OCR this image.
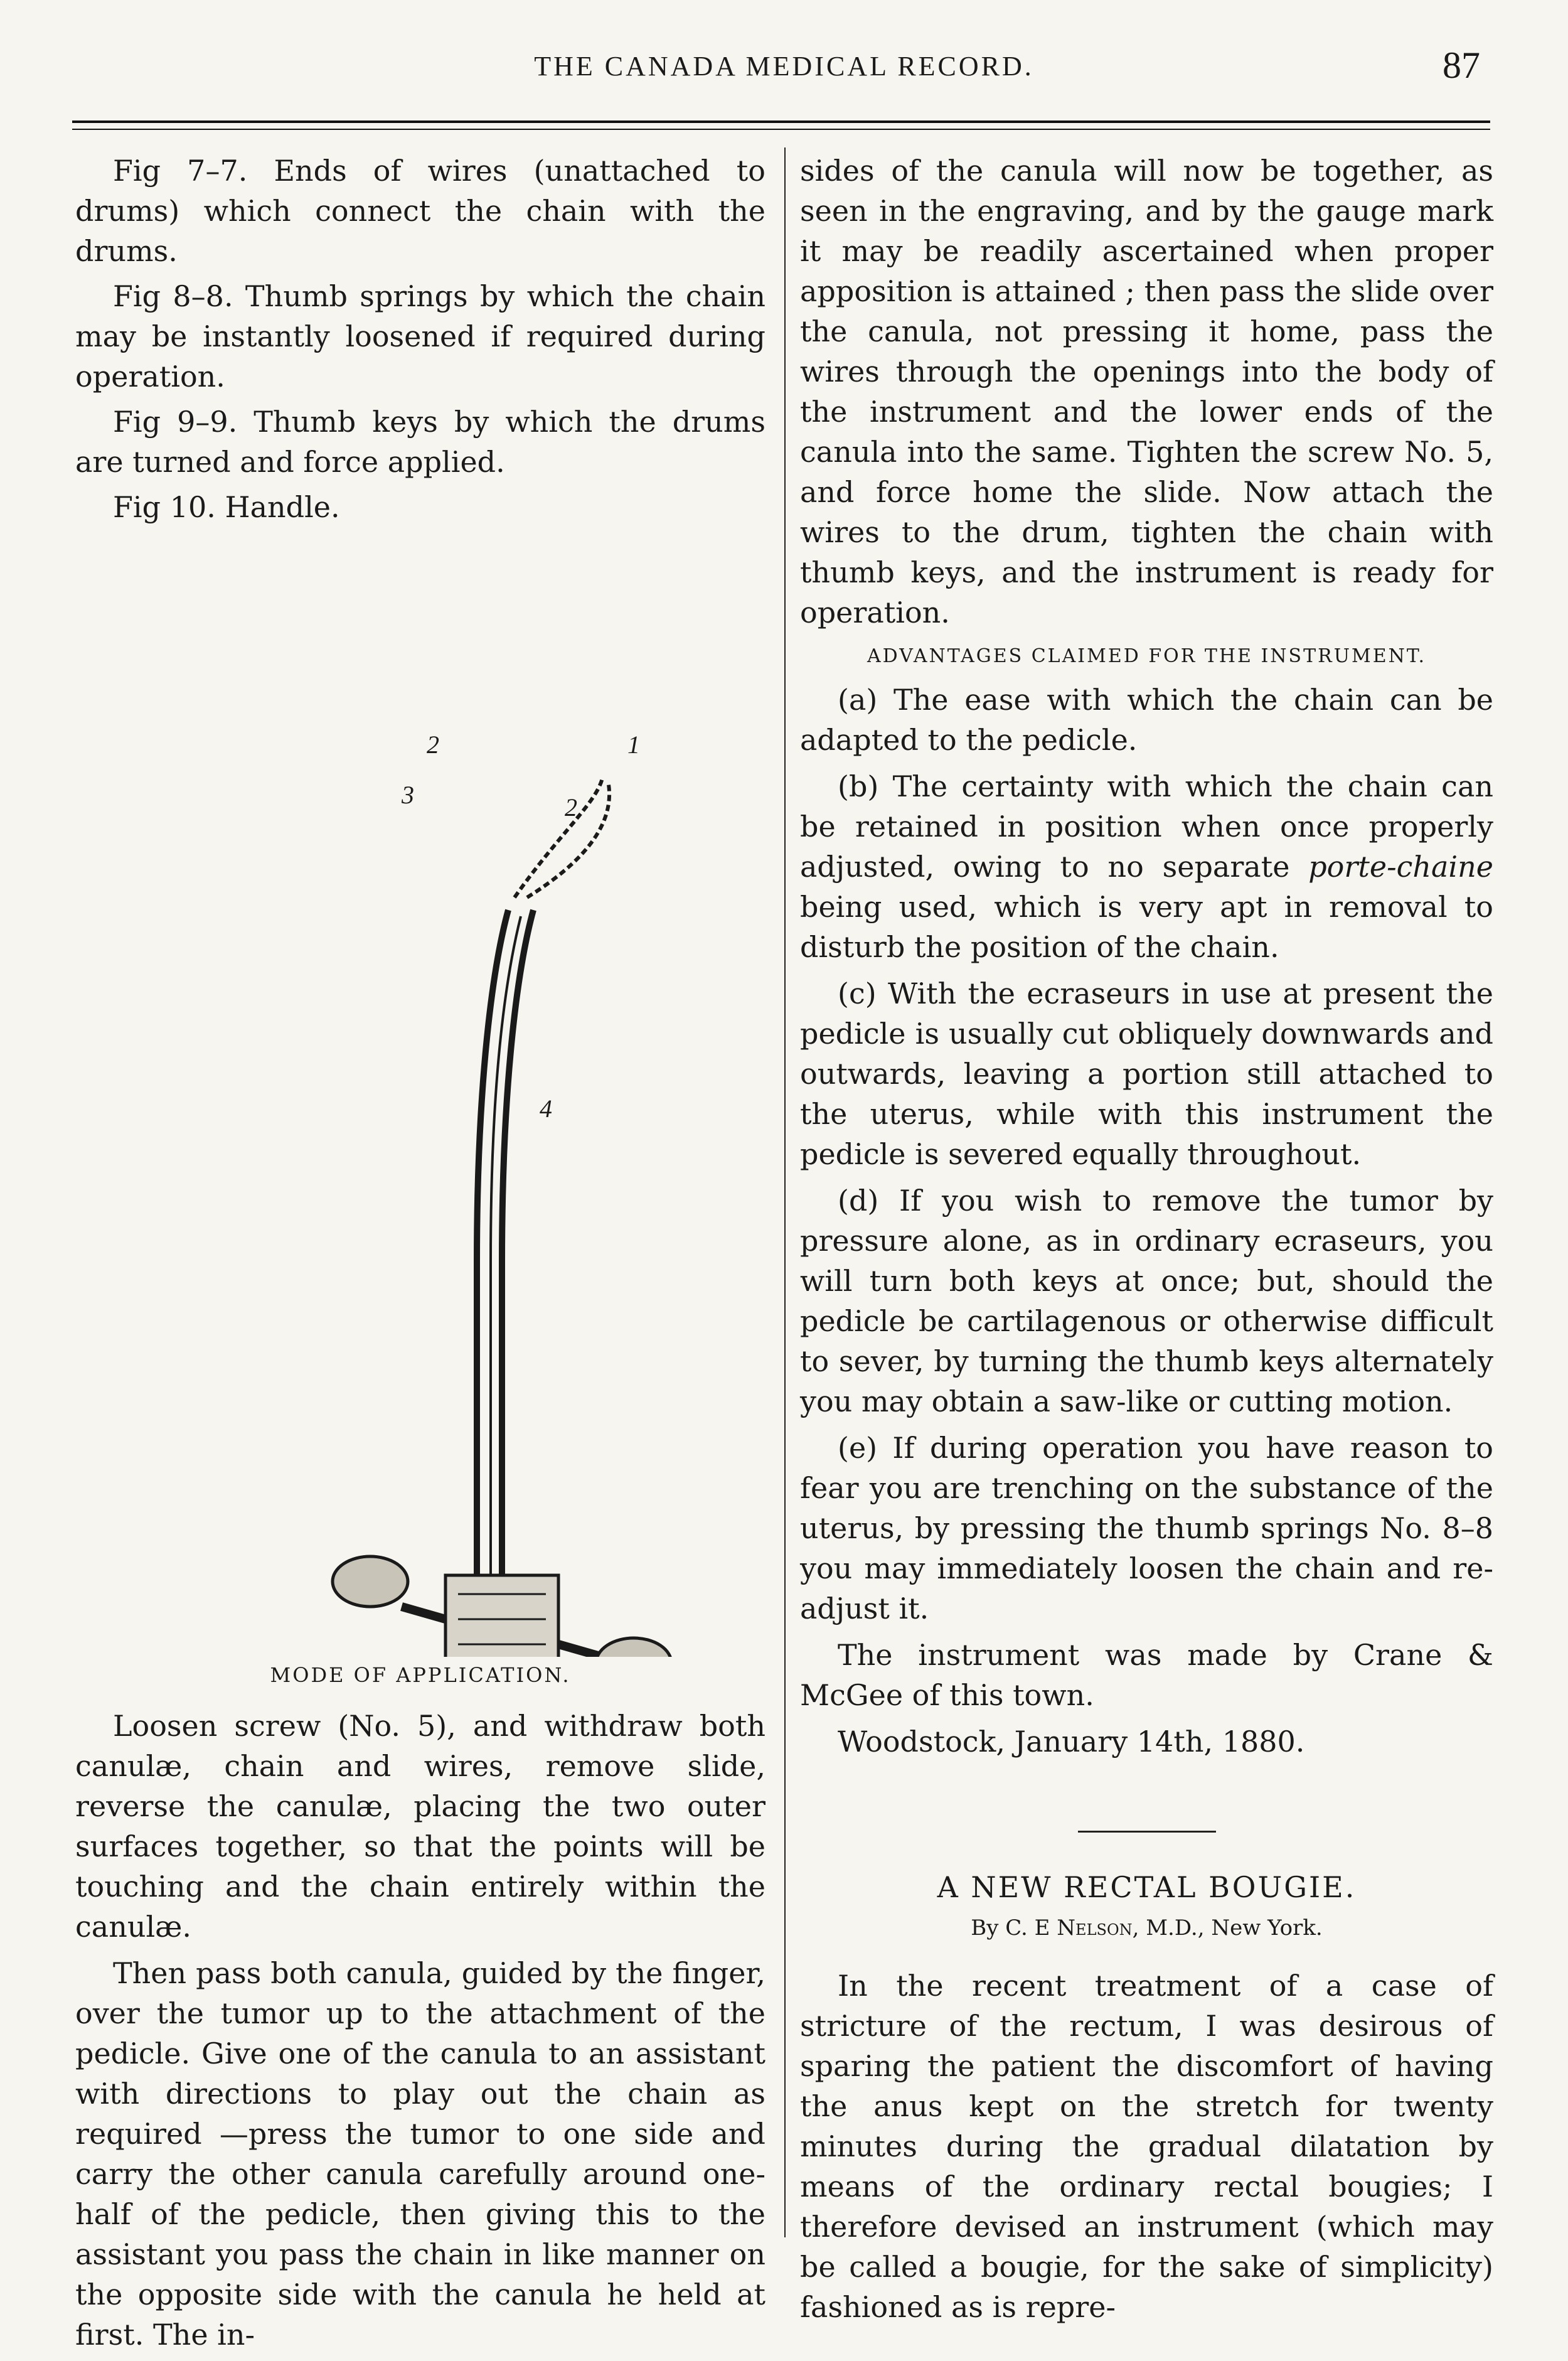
THE CANADA MEDICAL RECORD.	87

Fig 7–7. Ends of wires (unattached to drums) which connect the chain with the drums.

Fig 8–8. Thumb springs by which the chain may be instantly loosened if required during operation.

Fig 9–9. Thumb keys by which the drums are turned and force applied.

Fig 10. Handle.

2
3
1
2
4
MODE OF APPLICATION.

Loosen screw (No. 5), and withdraw both canulæ, chain and wires, remove slide, reverse the canulæ, placing the two outer surfaces together, so that the points will be touching and the chain entirely within the canulæ.

Then pass both canula, guided by the finger, over the tumor up to the attachment of the pedicle. Give one of the canula to an assistant with directions to play out the chain as required —press the tumor to one side and carry the other canula carefully around one-half of the pedicle, then giving this to the assistant you pass the chain in like manner on the opposite side with the canula he held at first. The in-

sides of the canula will now be together, as seen in the engraving, and by the gauge mark it may be readily ascertained when proper apposition is attained ; then pass the slide over the canula, not pressing it home, pass the wires through the openings into the body of the instrument and the lower ends of the canula into the same. Tighten the screw No. 5, and force home the slide. Now attach the wires to the drum, tighten the chain with thumb keys, and the instrument is ready for operation.

ADVANTAGES CLAIMED FOR THE INSTRUMENT.

(a) The ease with which the chain can be adapted to the pedicle.

(b) The certainty with which the chain can be retained in position when once properly adjusted, owing to no separate porte-chaine being used, which is very apt in removal to disturb the position of the chain.

(c) With the ecraseurs in use at present the pedicle is usually cut obliquely downwards and outwards, leaving a portion still attached to the uterus, while with this instrument the pedicle is severed equally throughout.

(d) If you wish to remove the tumor by pressure alone, as in ordinary ecraseurs, you will turn both keys at once; but, should the pedicle be cartilagenous or otherwise difficult to sever, by turning the thumb keys alternately you may obtain a saw-like or cutting motion.

(e) If during operation you have reason to fear you are trenching on the substance of the uterus, by pressing the thumb springs No. 8–8 you may immediately loosen the chain and re-adjust it.

The instrument was made by Crane & McGee of this town.

Woodstock, January 14th, 1880.

A NEW RECTAL BOUGIE.
By C. E Nelson, M.D., New York.

In the recent treatment of a case of stricture of the rectum, I was desirous of sparing the patient the discomfort of having the anus kept on the stretch for twenty minutes during the gradual dilatation by means of the ordinary rectal bougies; I therefore devised an instrument (which may be called a bougie, for the sake of simplicity) fashioned as is repre-
